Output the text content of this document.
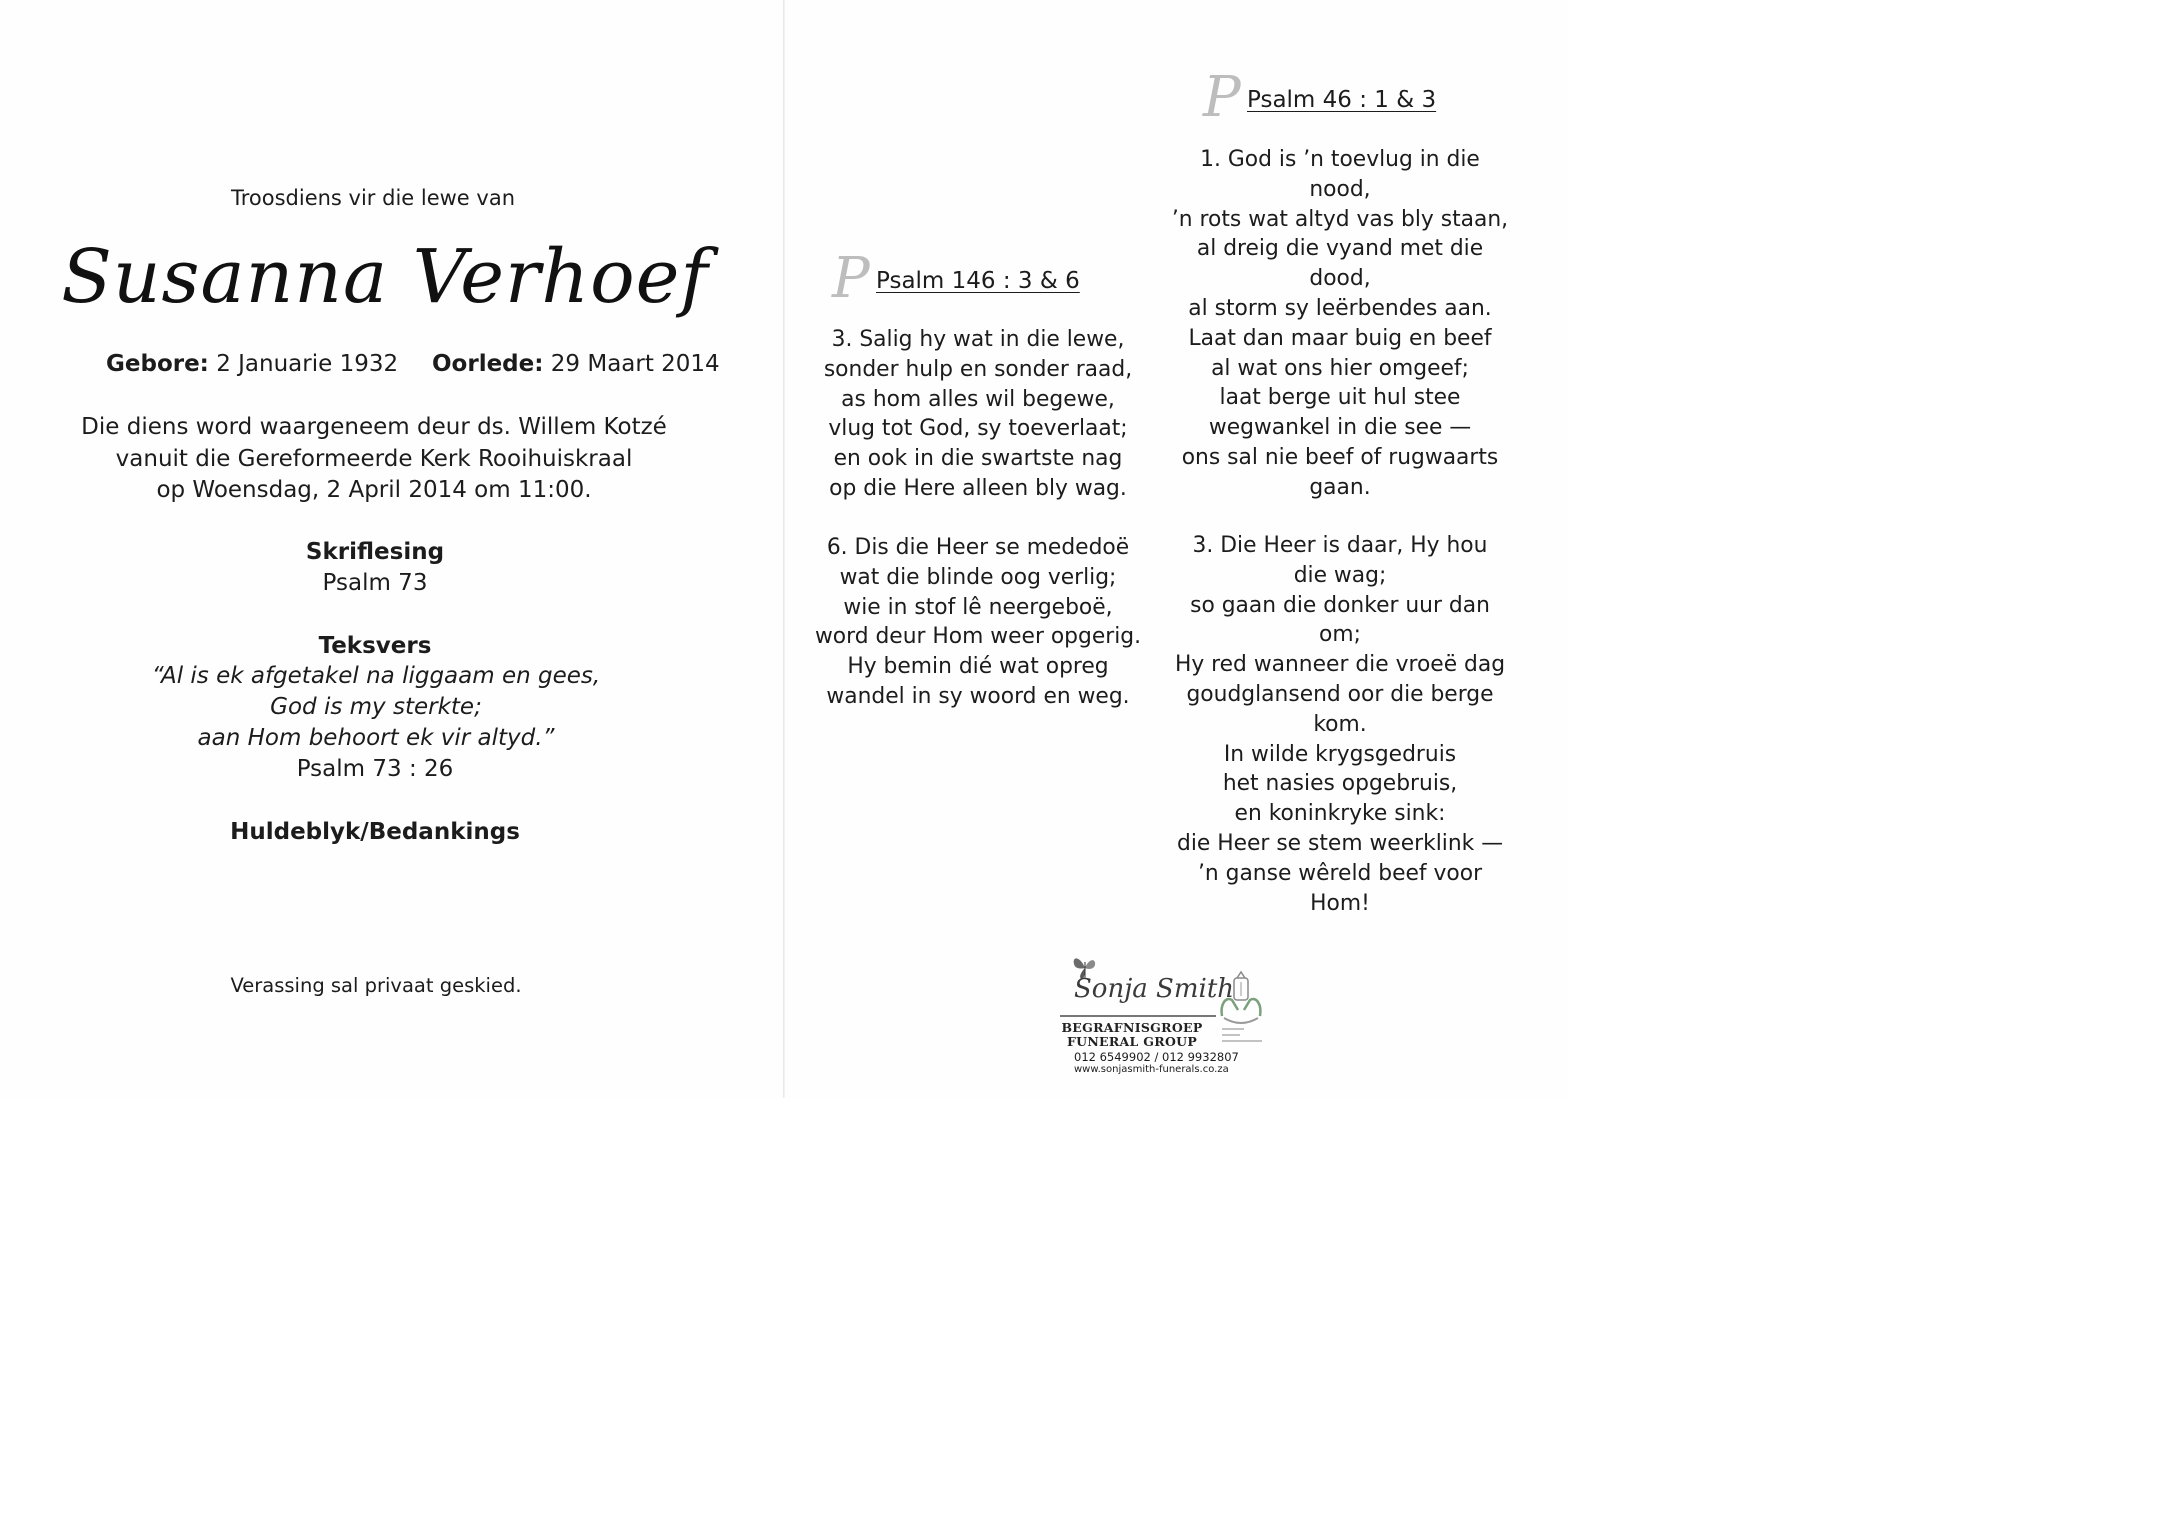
Troosdiens vir die lewe van
Susanna Verhoef
Gebore: 2 Januarie 1932 Oorlede: 29 Maart 2014
Die diens word waargeneem deur ds. Willem Kotzé
vanuit die Gereformeerde Kerk Rooihuiskraal
op Woensdag, 2 April 2014 om 11:00.
Skriflesing
Psalm 73
Teksvers
“Al is ek afgetakel na liggaam en gees,
God is my sterkte;
aan Hom behoort ek vir altyd.”
Psalm 73 : 26
Huldeblyk/Bedankings
Verassing sal privaat geskied.
P Psalm 146 : 3 & 6
3. Salig hy wat in die lewe,
sonder hulp en sonder raad,
as hom alles wil begewe,
vlug tot God, sy toeverlaat;
en ook in die swartste nag
op die Here alleen bly wag.
6. Dis die Heer se mededoë
wat die blinde oog verlig;
wie in stof lê neergeboë,
word deur Hom weer opgerig.
Hy bemin dié wat opreg
wandel in sy woord en weg.
P Psalm 46 : 1 & 3
1. God is ’n toevlug in die
nood,
’n rots wat altyd vas bly staan,
al dreig die vyand met die
dood,
al storm sy leërbendes aan.
Laat dan maar buig en beef
al wat ons hier omgeef;
laat berge uit hul stee
wegwankel in die see —
ons sal nie beef of rugwaarts
gaan.
3. Die Heer is daar, Hy hou
die wag;
so gaan die donker uur dan
om;
Hy red wanneer die vroeë dag
goudglansend oor die berge
kom.
In wilde krygsgedruis
het nasies opgebruis,
en koninkryke sink:
die Heer se stem weerklink —
’n ganse wêreld beef voor
Hom!
Sonja Smith
BEGRAFNISGROEP
FUNERAL GROUP
012 6549902 / 012 9932807
www.sonjasmith-funerals.co.za
